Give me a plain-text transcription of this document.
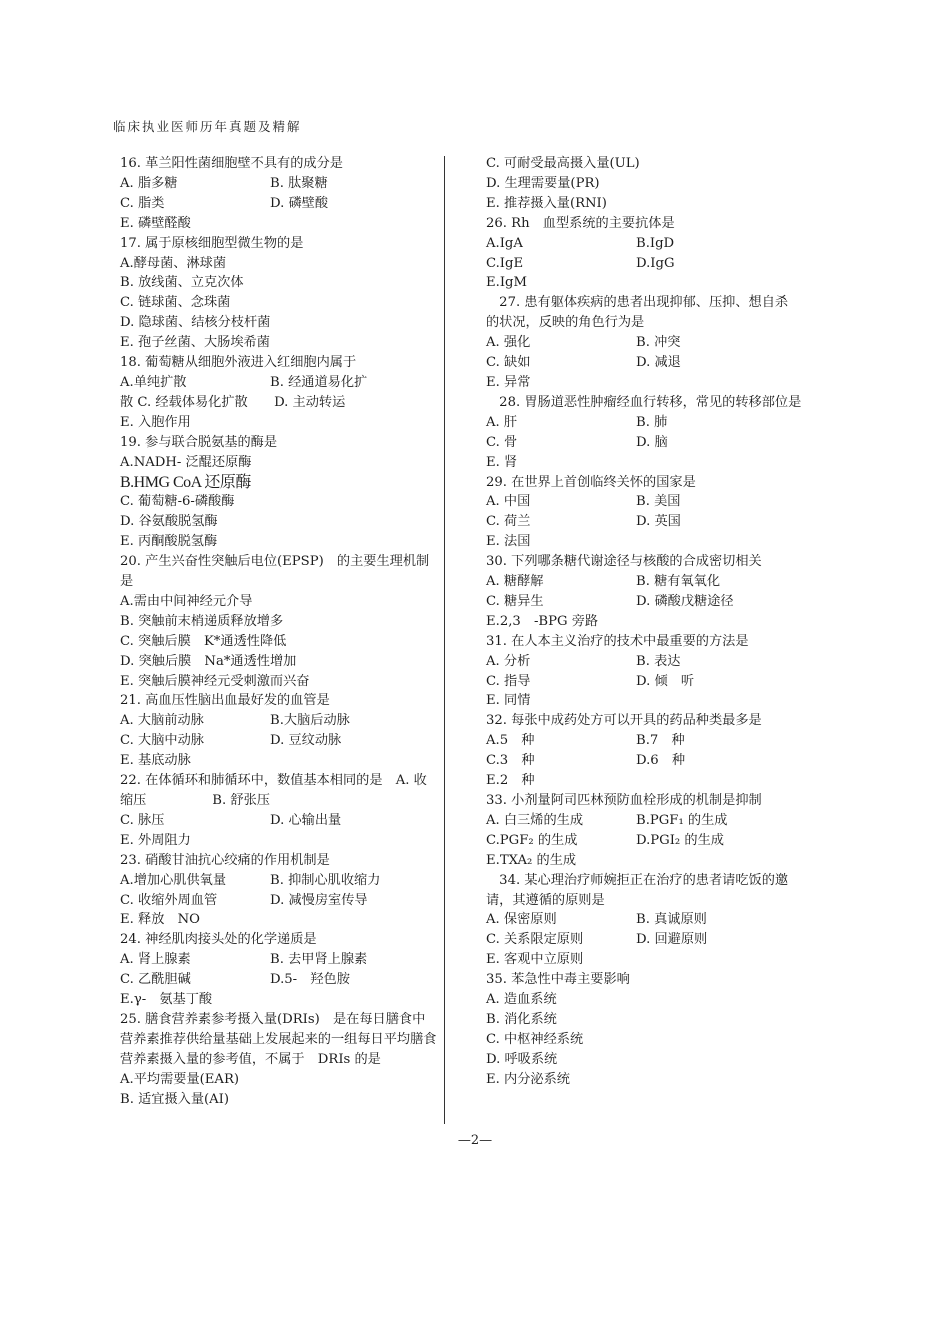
临床执业医师历年真题及精解
16. 革兰阳性菌细胞壁不具有的成分是
A. 脂多糖	B. 肽聚糖
C. 脂类	D. 磷壁酸
E. 磷壁醛酸
17. 属于原核细胞型微生物的是
A.酵母菌、淋球菌
B. 放线菌、立克次体
C. 链球菌、念珠菌
D. 隐球菌、结核分枝杆菌
E. 孢子丝菌、大肠埃希菌
18. 葡萄糖从细胞外液进入红细胞内属于
A.单纯扩散	B. 经通道易化扩
散 C. 经载体易化扩散　　D. 主动转运
E. 入胞作用
19. 参与联合脱氨基的酶是
A.NADH- 泛醌还原酶
B.HMG CoA 还原酶
C. 葡萄糖-6-磷酸酶
D. 谷氨酸脱氢酶
E. 丙酮酸脱氢酶
20. 产生兴奋性突触后电位(EPSP)　的主要生理机制是
A.需由中间神经元介导
B. 突触前末梢递质释放增多
C. 突触后膜　K*通透性降低
D. 突触后膜　Na*通透性增加
E. 突触后膜神经元受刺激而兴奋
21. 高血压性脑出血最好发的血管是
A. 大脑前动脉	B.大脑后动脉
C. 大脑中动脉	D. 豆纹动脉
E. 基底动脉
22. 在体循环和肺循环中，数值基本相同的是　A. 收缩压　　　　　B. 舒张压
C. 脉压	D. 心输出量
E. 外周阻力
23. 硝酸甘油抗心绞痛的作用机制是
A.增加心肌供氧量	B. 抑制心肌收缩力
C. 收缩外周血管	D. 减慢房室传导
E. 释放　NO
24. 神经肌肉接头处的化学递质是
A. 肾上腺素	B. 去甲肾上腺素
C. 乙酰胆碱	D.5-　羟色胺
E.γ-　氨基丁酸
25. 膳食营养素参考摄入量(DRIs)　是在每日膳食中营养素推荐供给量基础上发展起来的一组每日平均膳食营养素摄入量的参考值，不属于　DRIs 的是
A.平均需要量(EAR)
B. 适宜摄入量(AI)
C. 可耐受最高摄入量(UL)
D. 生理需要量(PR)
E. 推荐摄入量(RNI)
26. Rh　血型系统的主要抗体是
A.IgA	B.IgD
C.IgE	D.IgG
E.IgM
　27. 患有躯体疾病的患者出现抑郁、压抑、想自杀　的状况，反映的角色行为是
A. 强化	B. 冲突
C. 缺如	D. 减退
E. 异常
　28. 胃肠道恶性肿瘤经血行转移，常见的转移部位是
A. 肝	B. 肺
C. 骨	D. 脑
E. 肾
29. 在世界上首创临终关怀的国家是
A. 中国	B. 美国
C. 荷兰	D. 英国
E. 法国
30. 下列哪条糖代谢途径与核酸的合成密切相关
A. 糖酵解	B. 糖有氧氧化
C. 糖异生	D. 磷酸戊糖途径
E.2,3　-BPG 旁路
31. 在人本主义治疗的技术中最重要的方法是
A. 分析	B. 表达
C. 指导	D. 倾　听
E. 同情
32. 每张中成药处方可以开具的药品种类最多是
A.5　种	B.7　种
C.3　种	D.6　种
E.2　种
33. 小剂量阿司匹林预防血栓形成的机制是抑制
A. 白三烯的生成	B.PGF₁ 的生成
C.PGF₂ 的生成	D.PGI₂ 的生成
E.TXA₂ 的生成
　34. 某心理治疗师婉拒正在治疗的患者请吃饭的邀请，其遵循的原则是
A. 保密原则	B. 真诚原则
C. 关系限定原则	D. 回避原则
E. 客观中立原则
35. 苯急性中毒主要影响
A. 造血系统
B. 消化系统
C. 中枢神经系统
D. 呼吸系统
E. 内分泌系统
—2—
